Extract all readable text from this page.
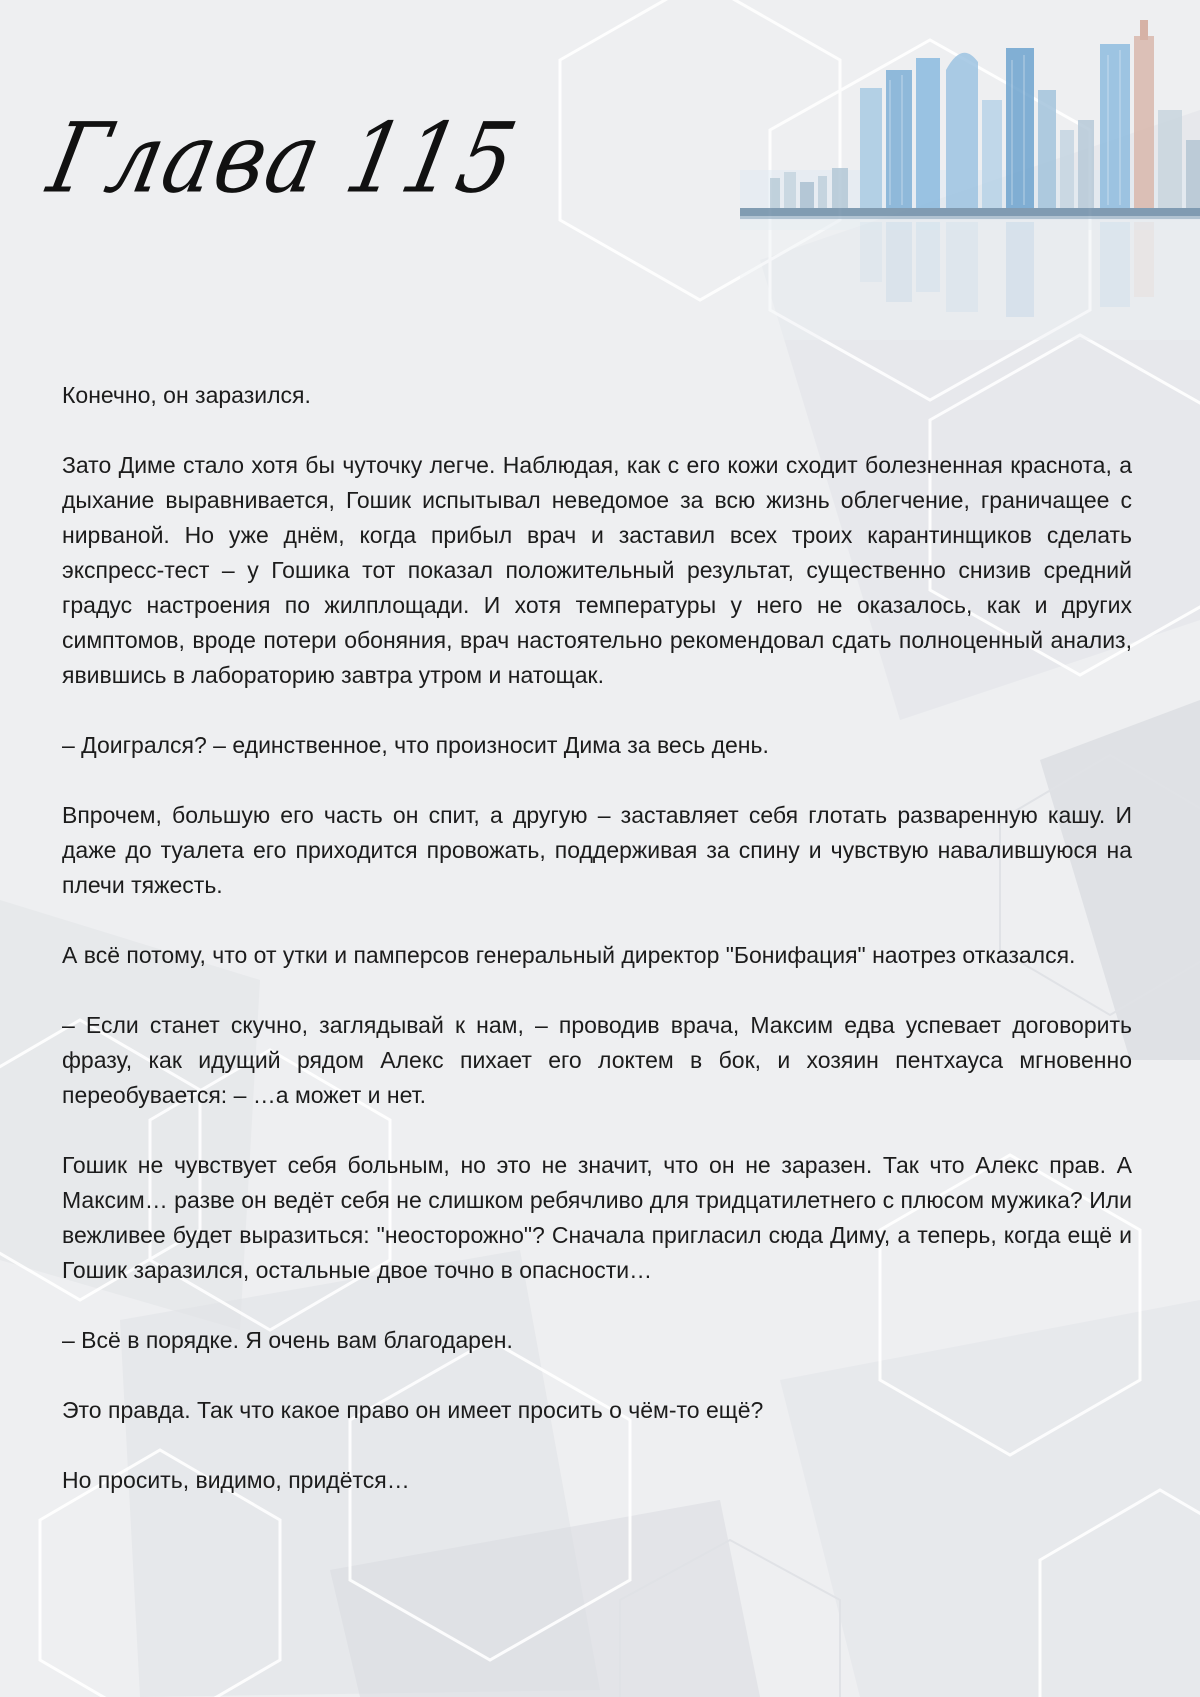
Глава 115

Конечно, он заразился.

Зато Диме стало хотя бы чуточку легче. Наблюдая, как с его кожи сходит болезненная краснота, а дыхание выравнивается, Гошик испытывал неведомое за всю жизнь облегчение, граничащее с нирваной. Но уже днём, когда прибыл врач и заставил всех троих карантинщиков сделать экспресс-тест – у Гошика тот показал положительный результат, существенно снизив средний градус настроения по жилплощади. И хотя температуры у него не оказалось, как и других симптомов, вроде потери обоняния, врач настоятельно рекомендовал сдать полноценный анализ, явившись в лабораторию завтра утром и натощак.

– Доигрался? – единственное, что произносит Дима за весь день.

Впрочем, большую его часть он спит, а другую – заставляет себя глотать разваренную кашу. И даже до туалета его приходится провожать, поддерживая за спину и чувствую навалившуюся на плечи тяжесть.

А всё потому, что от утки и памперсов генеральный директор "Бонифация" наотрез отказался.

– Если станет скучно, заглядывай к нам, – проводив врача, Максим едва успевает договорить фразу, как идущий рядом Алекс пихает его локтем в бок, и хозяин пентхауса мгновенно переобувается: – …а может и нет.

Гошик не чувствует себя больным, но это не значит, что он не заразен. Так что Алекс прав. А Максим… разве он ведёт себя не слишком ребячливо для тридцатилетнего с плюсом мужика? Или вежливее будет выразиться: "неосторожно"? Сначала пригласил сюда Диму, а теперь, когда ещё и Гошик заразился, остальные двое точно в опасности…

– Всё в порядке. Я очень вам благодарен.

Это правда. Так что какое право он имеет просить о чём-то ещё?

Но просить, видимо, придётся…
